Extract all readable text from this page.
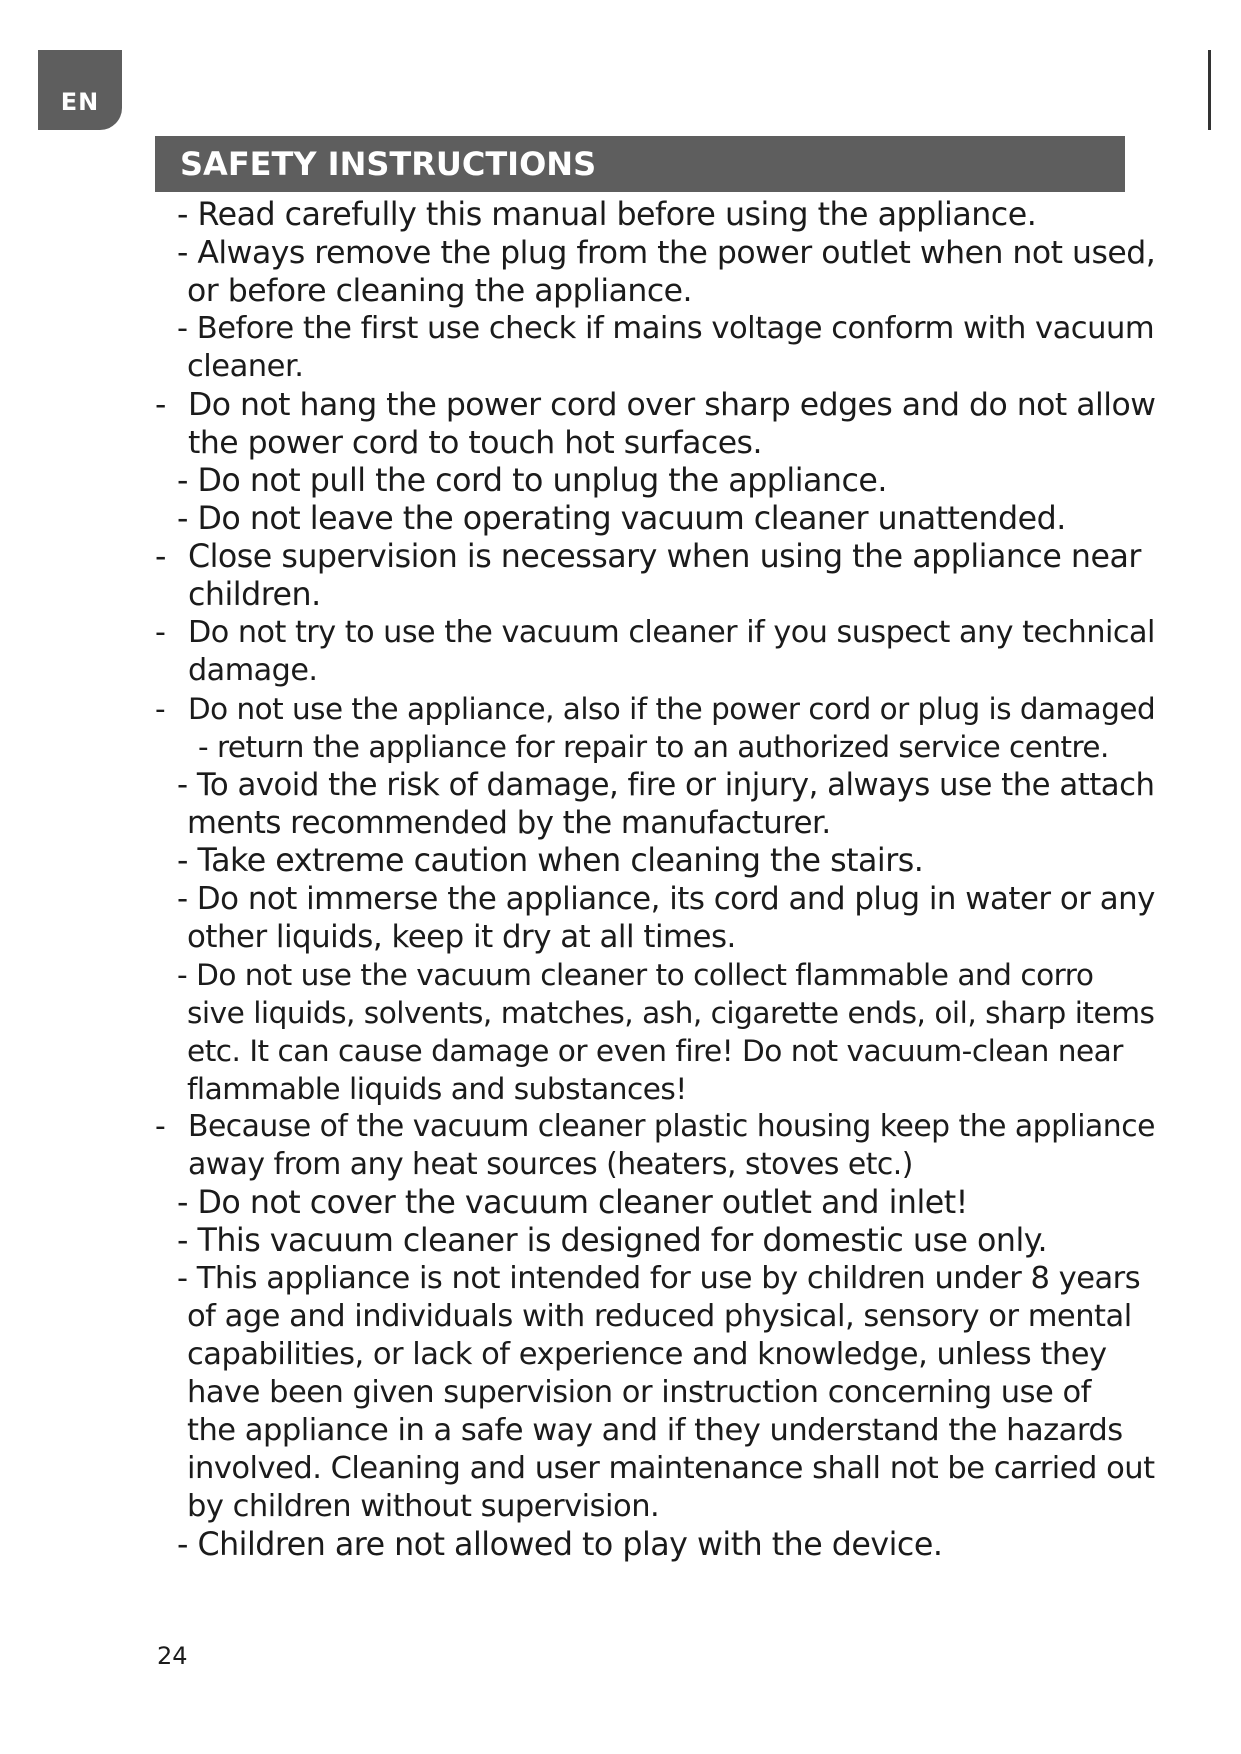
EN
SAFETY INSTRUCTIONS
- Read carefully this manual before using the appliance.
- Always remove the plug from the power outlet when not used,
or before cleaning the appliance.
- Before the first use check if mains voltage conform with vacuum
cleaner.
- Do not hang the power cord over sharp edges and do not allow
the power cord to touch hot surfaces.
- Do not pull the cord to unplug the appliance.
- Do not leave the operating vacuum cleaner unattended.
- Close supervision is necessary when using the appliance near
children.
- Do not try to use the vacuum cleaner if you suspect any technical
damage.
- Do not use the appliance, also if the power cord or plug is damaged
- return the appliance for repair to an authorized service centre.
- To avoid the risk of damage, fire or injury, always use the attach
ments recommended by the manufacturer.
- Take extreme caution when cleaning the stairs.
- Do not immerse the appliance, its cord and plug in water or any
other liquids, keep it dry at all times.
- Do not use the vacuum cleaner to collect flammable and corro
sive liquids, solvents, matches, ash, cigarette ends, oil, sharp items
etc. It can cause damage or even fire! Do not vacuum-clean near
flammable liquids and substances!
- Because of the vacuum cleaner plastic housing keep the appliance
away from any heat sources (heaters, stoves etc.)
- Do not cover the vacuum cleaner outlet and inlet!
- This vacuum cleaner is designed for domestic use only.
- This appliance is not intended for use by children under 8 years
of age and individuals with reduced physical, sensory or mental
capabilities, or lack of experience and knowledge, unless they
have been given supervision or instruction concerning use of
the appliance in a safe way and if they understand the hazards
involved. Cleaning and user maintenance shall not be carried out
by children without supervision.
- Children are not allowed to play with the device.
24
